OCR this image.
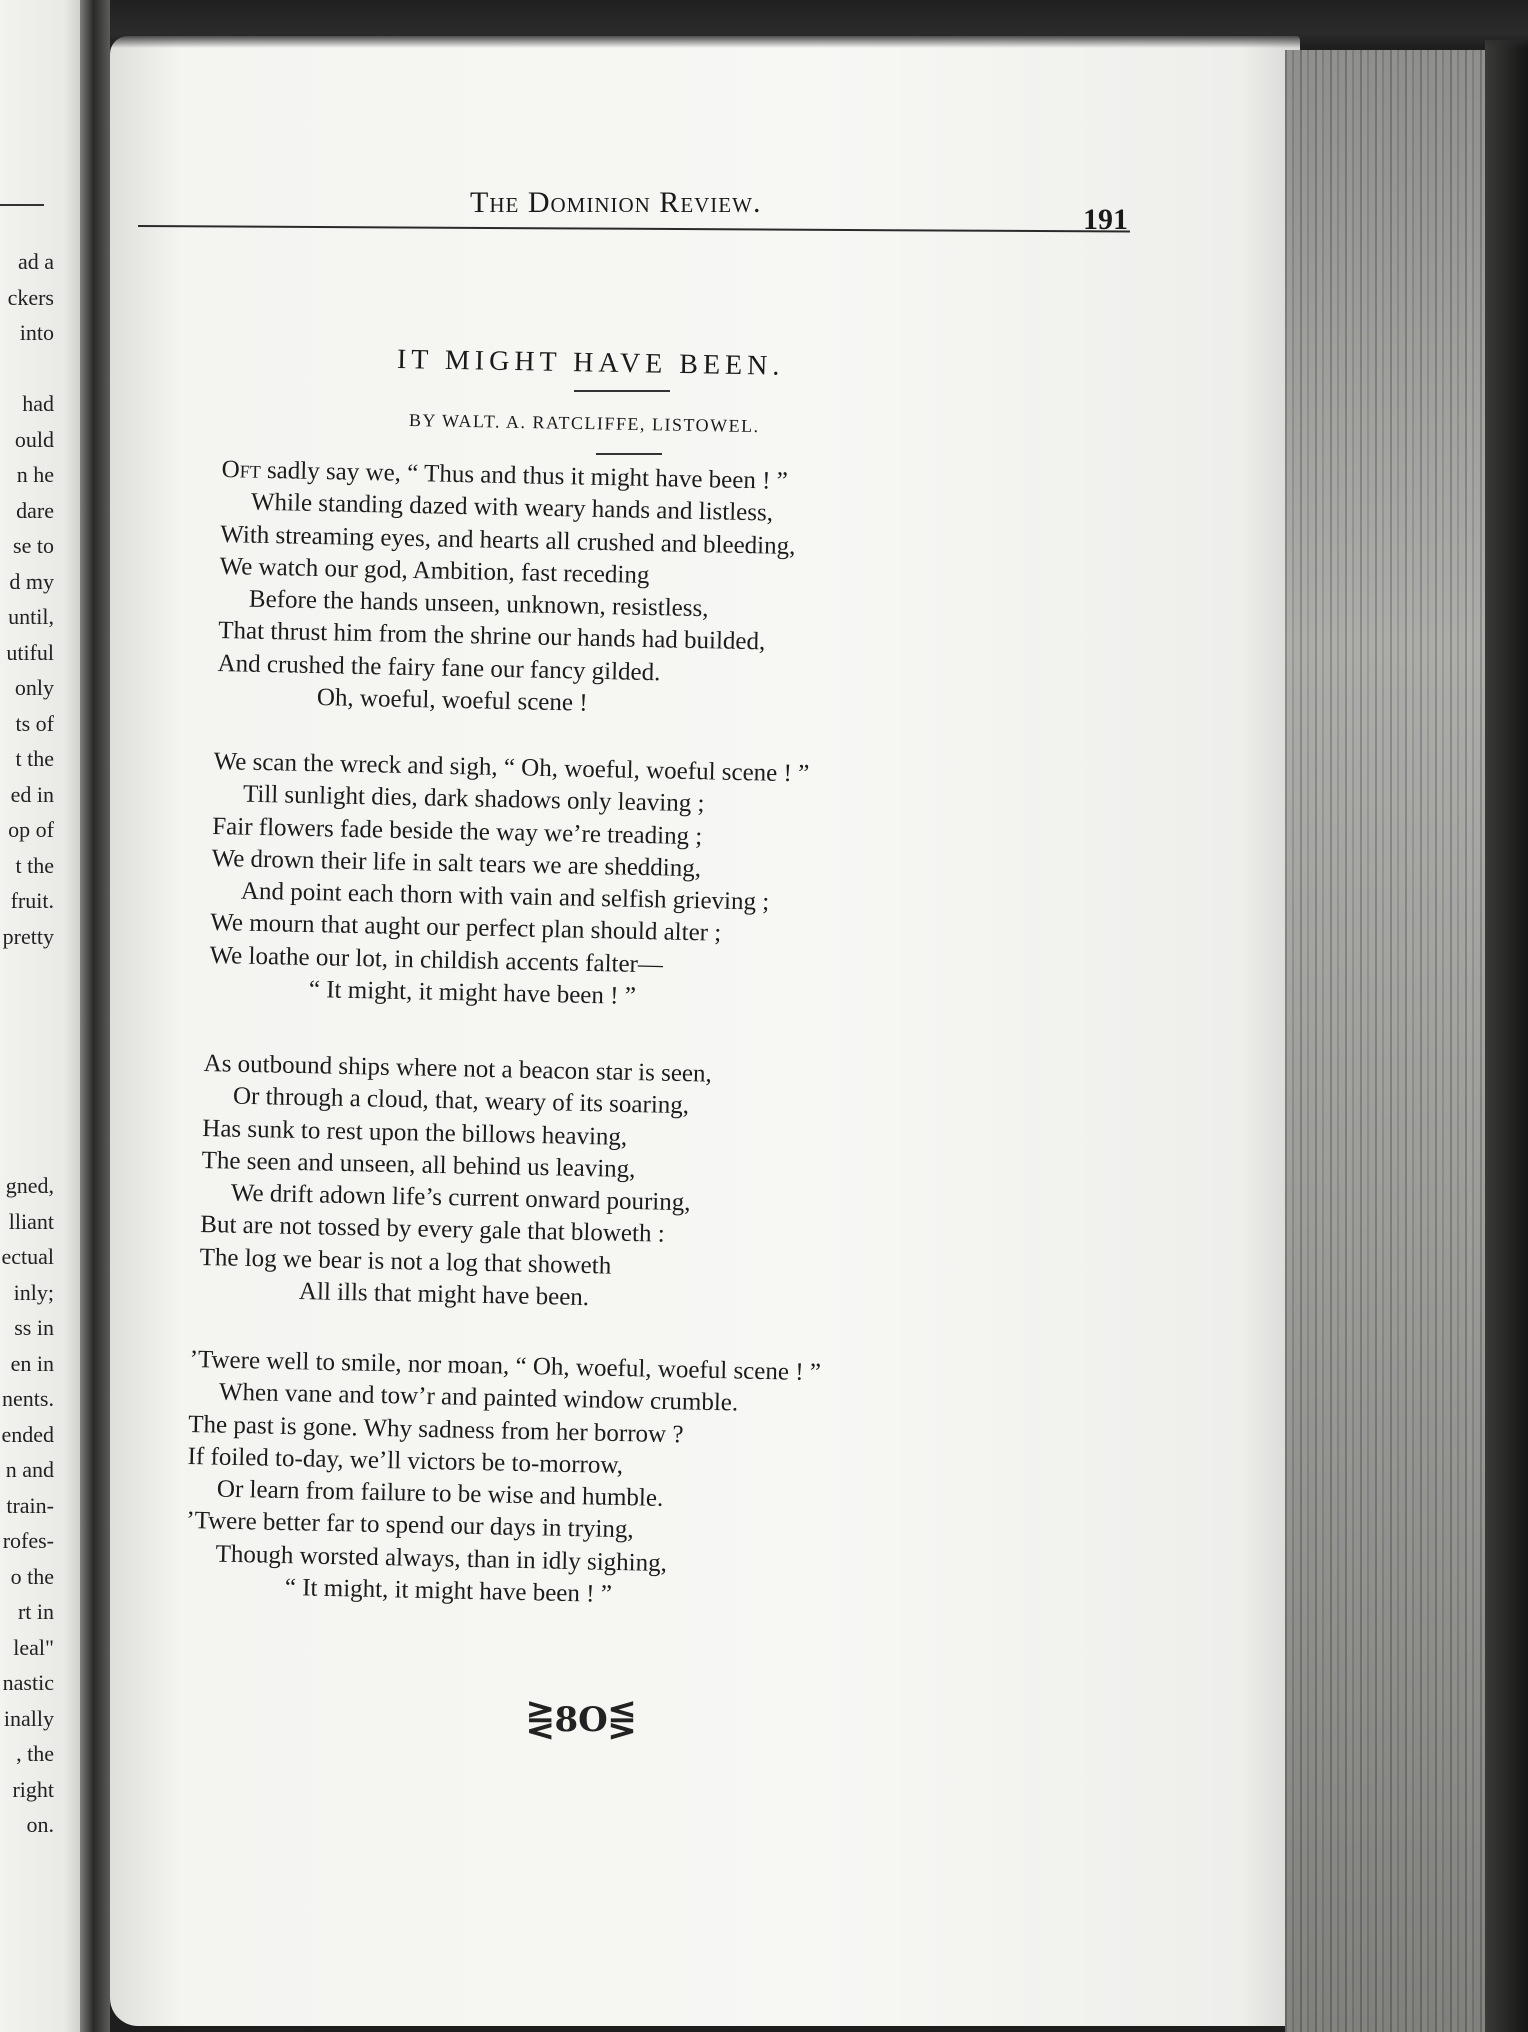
ad a
ckers
into

had
ould
n he
dare
se to
d my
until,
utiful
only
ts of
t the
ed in
op of
t the
fruit.
pretty
gned,
lliant
ectual
inly;
ss in
en in
nents.
ended
n and
train-
rofes-
o the
rt in
leal"
nastic
inally
, the
right
on.
The Dominion Review.
191
IT MIGHT HAVE BEEN.
BY WALT. A. RATCLIFFE, LISTOWEL.
Oft sadly say we, “ Thus and thus it might have been ! ”
While standing dazed with weary hands and listless,
With streaming eyes, and hearts all crushed and bleeding,
We watch our god, Ambition, fast receding
Before the hands unseen, unknown, resistless,
That thrust him from the shrine our hands had builded,
And crushed the fairy fane our fancy gilded.
Oh, woeful, woeful scene !
We scan the wreck and sigh, “ Oh, woeful, woeful scene ! ”
Till sunlight dies, dark shadows only leaving ;
Fair flowers fade beside the way we’re treading ;
We drown their life in salt tears we are shedding,
And point each thorn with vain and selfish grieving ;
We mourn that aught our perfect plan should alter ;
We loathe our lot, in childish accents falter—
“ It might, it might have been ! ”
As outbound ships where not a beacon star is seen,
Or through a cloud, that, weary of its soaring,
Has sunk to rest upon the billows heaving,
The seen and unseen, all behind us leaving,
We drift adown life’s current onward pouring,
But are not tossed by every gale that bloweth :
The log we bear is not a log that showeth
All ills that might have been.
’Twere well to smile, nor moan, “ Oh, woeful, woeful scene ! ”
When vane and tow’r and painted window crumble.
The past is gone. Why sadness from her borrow ?
If foiled to-day, we’ll victors be to-morrow,
Or learn from failure to be wise and humble.
’Twere better far to spend our days in trying,
Though worsted always, than in idly sighing,
“ It might, it might have been ! ”
⋛8O⋚
